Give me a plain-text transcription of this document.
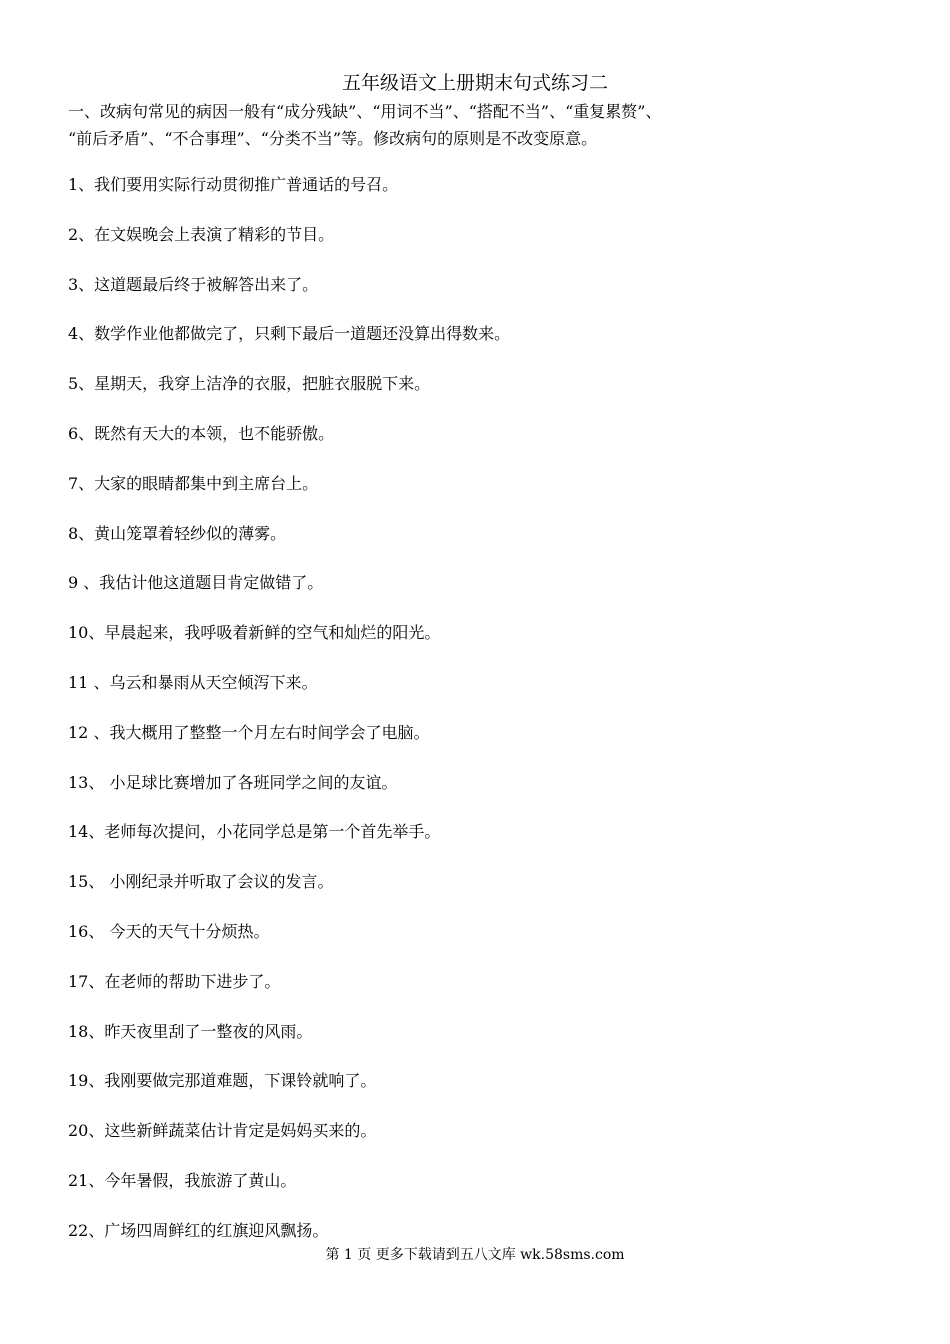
五年级语文上册期末句式练习二
一、改病句常见的病因一般有“成分残缺”、“用词不当”、“搭配不当”、“重复累赘”、
“前后矛盾”、“不合事理”、“分类不当”等。修改病句的原则是不改变原意。
1、我们要用实际行动贯彻推广普通话的号召。
2、在文娱晚会上表演了精彩的节目。
3、这道题最后终于被解答出来了。
4、数学作业他都做完了，只剩下最后一道题还没算出得数来。
5、星期天，我穿上洁净的衣服，把脏衣服脱下来。
6、既然有天大的本领，也不能骄傲。
7、大家的眼睛都集中到主席台上。
8、黄山笼罩着轻纱似的薄雾。
9 、我估计他这道题目肯定做错了。
10、早晨起来，我呼吸着新鲜的空气和灿烂的阳光。
11 、乌云和暴雨从天空倾泻下来。
12 、我大概用了整整一个月左右时间学会了电脑。
13、 小足球比赛增加了各班同学之间的友谊。
14、老师每次提问，小花同学总是第一个首先举手。
15、 小刚纪录并听取了会议的发言。
16、 今天的天气十分烦热。
17、在老师的帮助下进步了。
18、昨天夜里刮了一整夜的风雨。
19、我刚要做完那道难题，下课铃就响了。
20、这些新鲜蔬菜估计肯定是妈妈买来的。
21、今年暑假，我旅游了黄山。
22、广场四周鲜红的红旗迎风飘扬。
第 1 页 更多下载请到五八文库 wk.58sms.com
